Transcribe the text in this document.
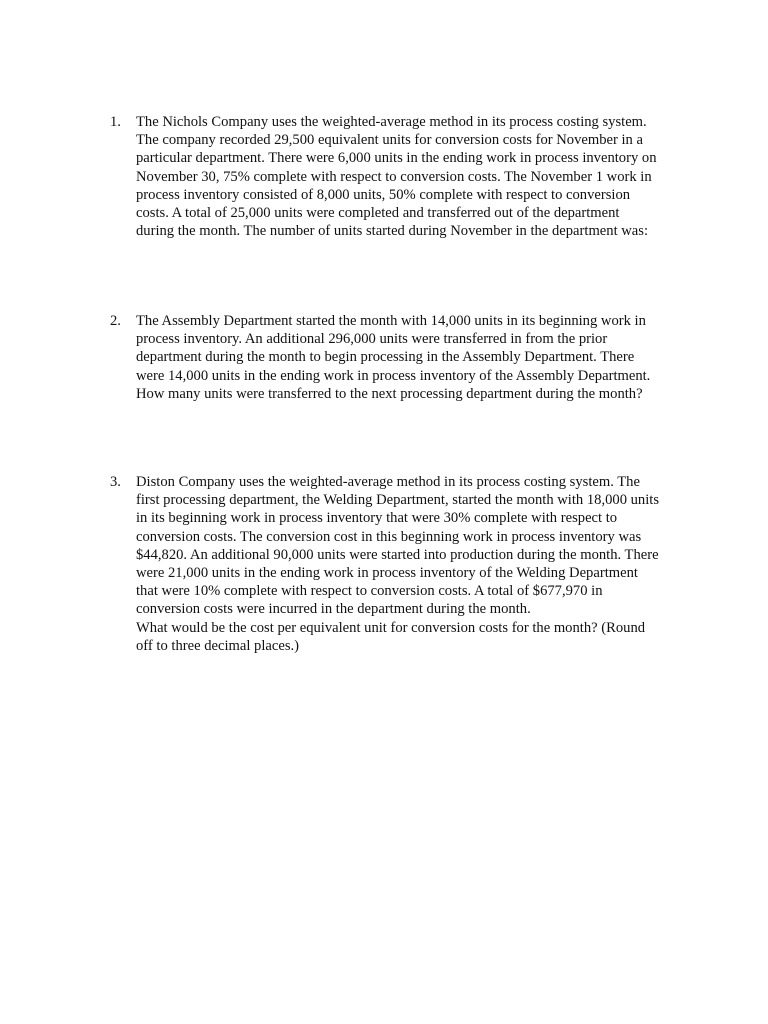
1.	The Nichols Company uses the weighted-average method in its process costing system.
The company recorded 29,500 equivalent units for conversion costs for November in a
particular department. There were 6,000 units in the ending work in process inventory on
November 30, 75% complete with respect to conversion costs. The November 1 work in
process inventory consisted of 8,000 units, 50% complete with respect to conversion
costs. A total of 25,000 units were completed and transferred out of the department
during the month. The number of units started during November in the department was:
2.	The Assembly Department started the month with 14,000 units in its beginning work in
process inventory. An additional 296,000 units were transferred in from the prior
department during the month to begin processing in the Assembly Department. There
were 14,000 units in the ending work in process inventory of the Assembly Department.
How many units were transferred to the next processing department during the month?
3.	Diston Company uses the weighted-average method in its process costing system. The
first processing department, the Welding Department, started the month with 18,000 units
in its beginning work in process inventory that were 30% complete with respect to
conversion costs. The conversion cost in this beginning work in process inventory was
$44,820. An additional 90,000 units were started into production during the month. There
were 21,000 units in the ending work in process inventory of the Welding Department
that were 10% complete with respect to conversion costs. A total of $677,970 in
conversion costs were incurred in the department during the month.
What would be the cost per equivalent unit for conversion costs for the month? (Round
off to three decimal places.)
